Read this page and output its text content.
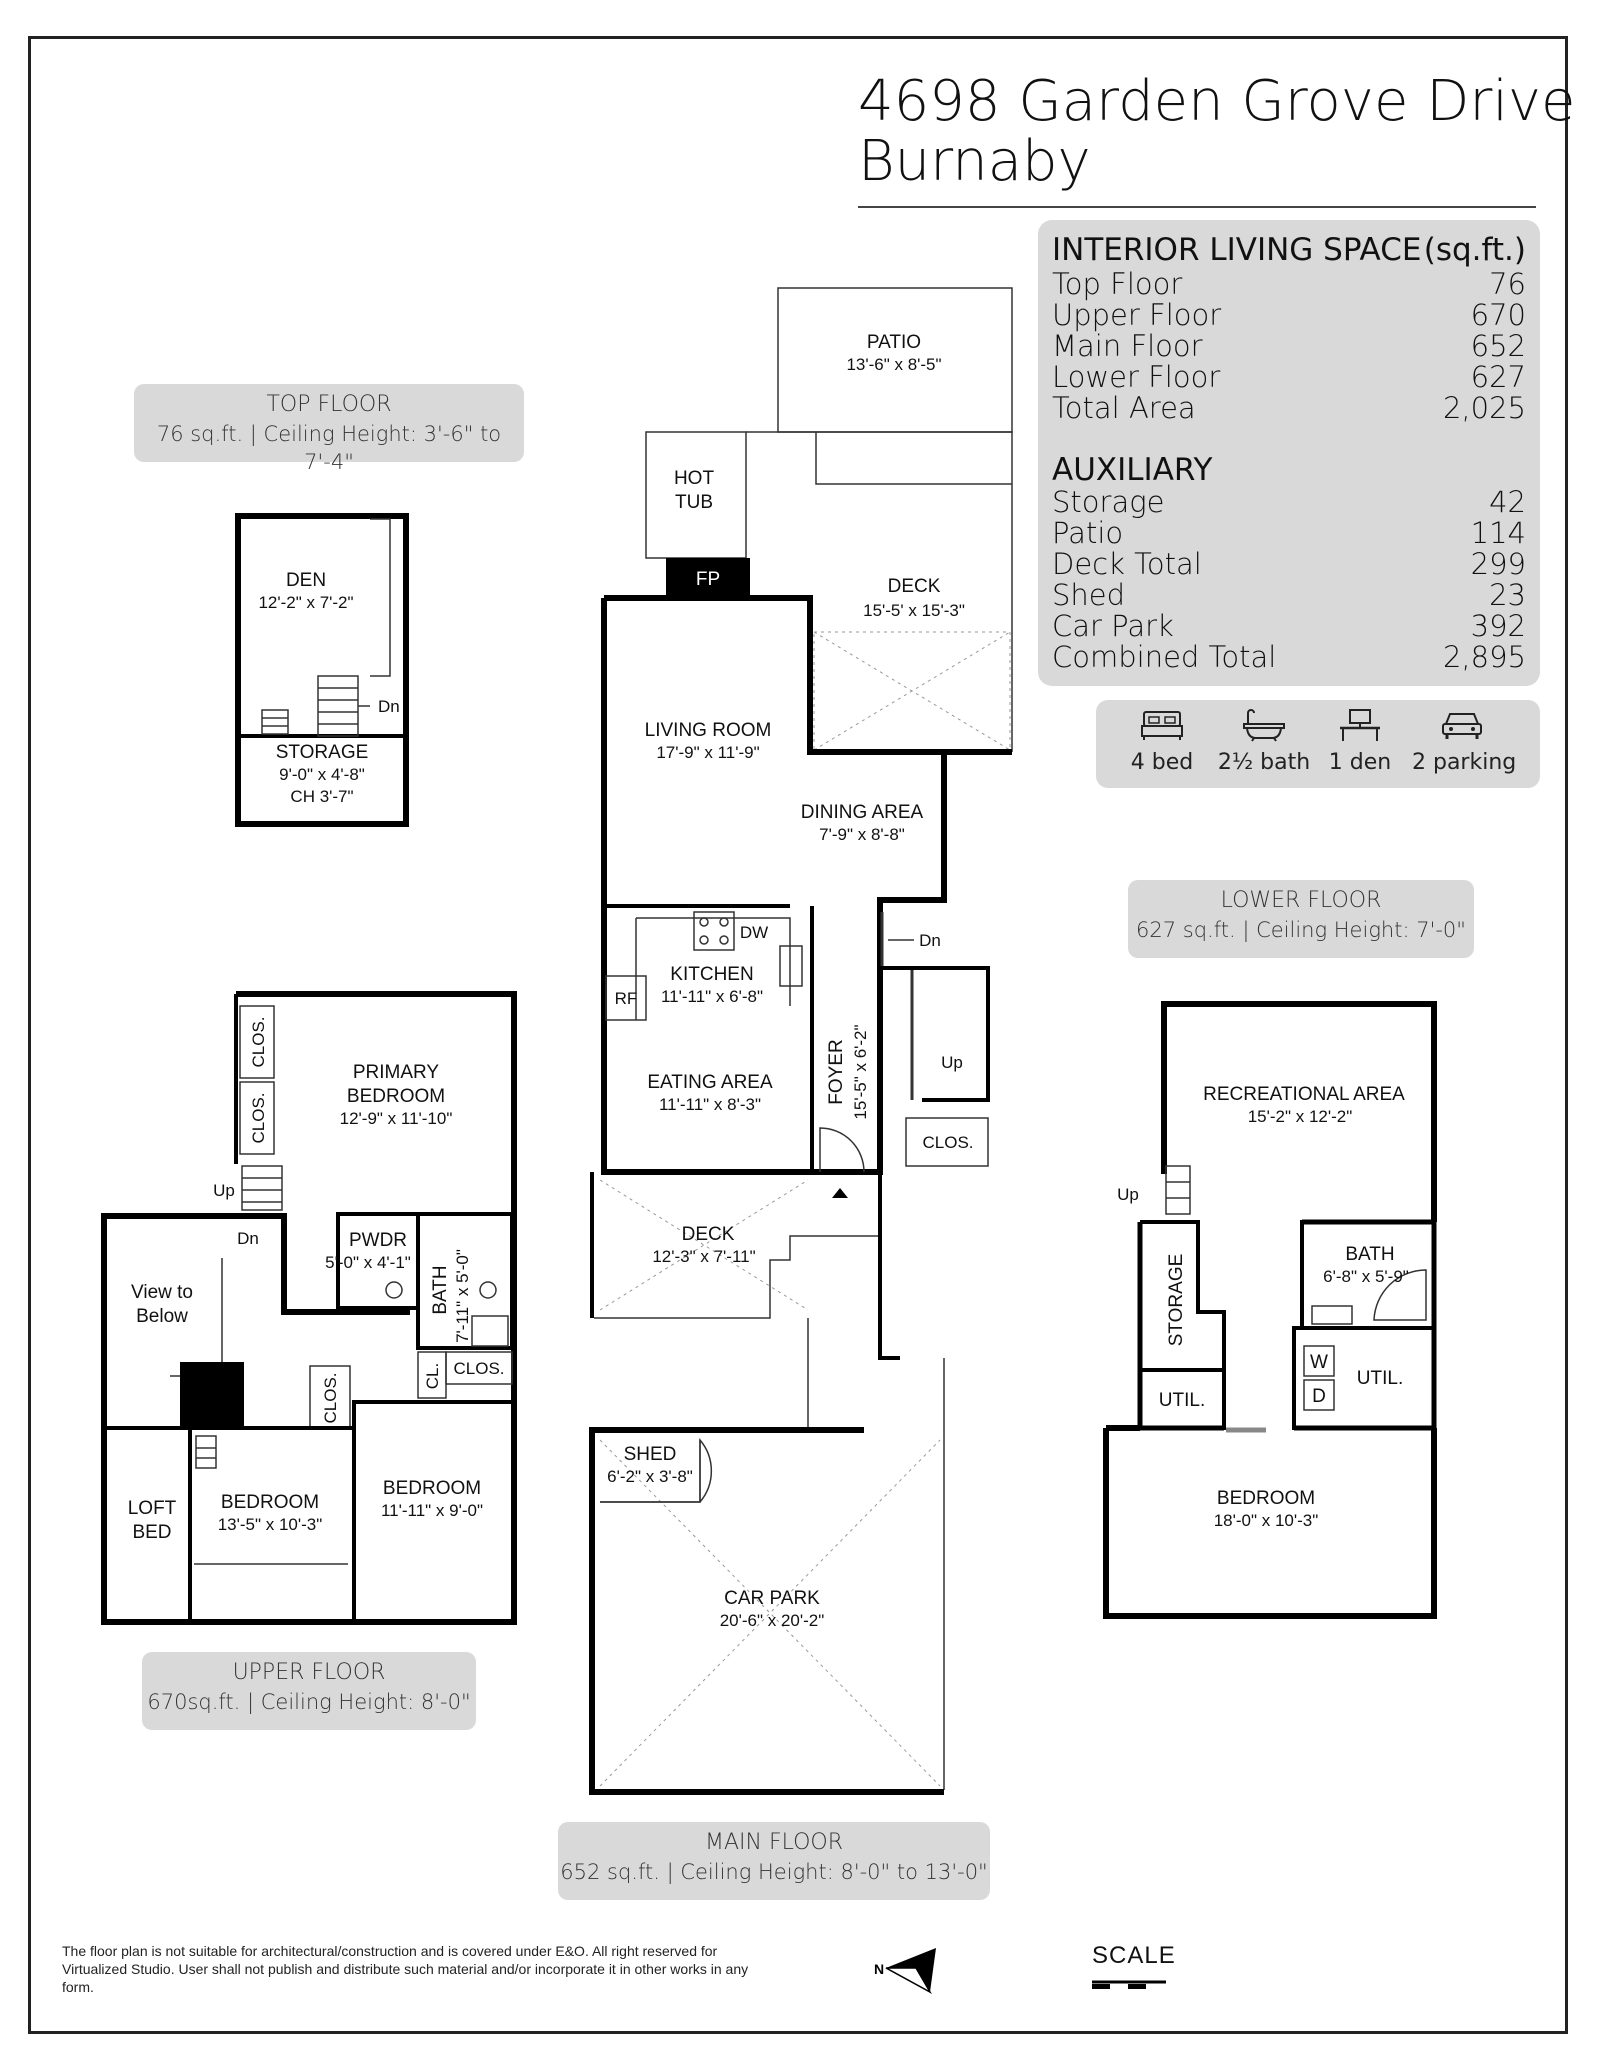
4698 Garden Grove Drive
Burnaby
INTERIOR LIVING SPACE (sq.ft.)
Top Floor	76
Upper Floor	670
Main Floor	652
Lower Floor	627
Total Area	2,025
AUXILIARY
Storage	42
Patio	114
Deck Total	299
Shed	23
Car Park	392
Combined Total	2,895
4 bed	2½ bath 1 den 2 parking
TOP FLOOR
76 sq.ft. | Ceiling Height: 3'-6" to 7'-4"
UPPER FLOOR
670sq.ft. | Ceiling Height: 8'-0"
MAIN FLOOR
652 sq.ft. | Ceiling Height: 8'-0" to 13'-0"
LOWER FLOOR
627 sq.ft. | Ceiling Height: 7'-0"
DEN
12'-2" x 7'-2"
Dn
STORAGE
9'-0" x 4'-8"
CH 3'-7"
PATIO
13'-6" x 8'-5"
HOT
TUB
FP	DECK
15'-5' x 15'-3"
DW
RF
KITCHEN
11'-11" x 6'-8"
EATING AREA
11'-11" x 8'-3"
LIVING ROOM
17'-9" x 11'-9"
DINING AREA
7'-9" x 8'-8"
Dn
Up
FOYER 15'-5" x 6'-2"
CLOS.
DECK
12'-3" x 7'-11"
SHED
6'-2" x 3'-8"
CAR PARK
20'-6" x 20'-2"
CLOS.
CLOS.
PRIMARY
BEDROOM
12'-9" x 11'-10"
Up
Dn	PWDR
5'-0" x 4'-1"
BATH 7'-11" x 5'-0"
View to
Below
CLOS.	CL. CLOS.
LOFT
BED
BEDROOM
13'-5" x 10'-3"
BEDROOM
11'-11" x 9'-0"
Up
RECREATIONAL AREA
15'-2" x 12'-2"
STORAGE	BATH
6'-8" x 5'-9"
W
D
UTIL.
UTIL.
BEDROOM
18'-0" x 10'-3"
N	SCALE
The floor plan is not suitable for architectural/construction and is covered under E&O. All right reserved for Virtualized Studio. User shall not publish and distribute such material and/or incorporate it in other works in any form.
